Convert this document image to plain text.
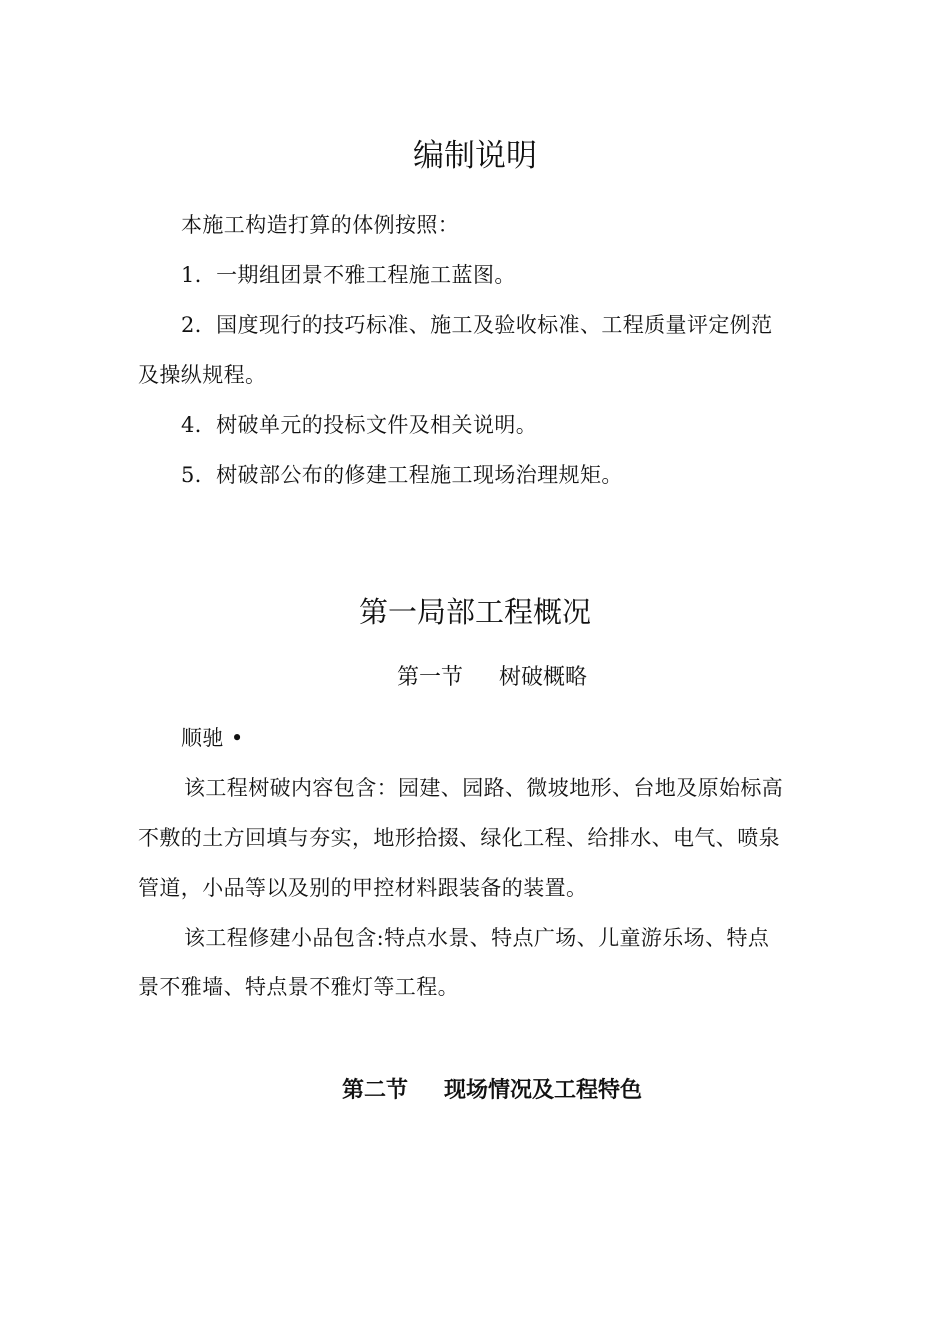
编制说明

本施工构造打算的体例按照：

1．一期组团景不雅工程施工蓝图。

2．国度现行的技巧标准、施工及验收标准、工程质量评定例范

及操纵规程。

4．树破单元的投标文件及相关说明。

5．树破部公布的修建工程施工现场治理规矩。

第一局部工程概况
第一节 树破概略

顺驰 •

该工程树破内容包含：园建、园路、微坡地形、台地及原始标高

不敷的土方回填与夯实，地形拾掇、绿化工程、给排水、电气、喷泉

管道，小品等以及别的甲控材料跟装备的装置。

该工程修建小品包含:特点水景、特点广场、儿童游乐场、特点

景不雅墙、特点景不雅灯等工程。

第二节 现场情况及工程特色
